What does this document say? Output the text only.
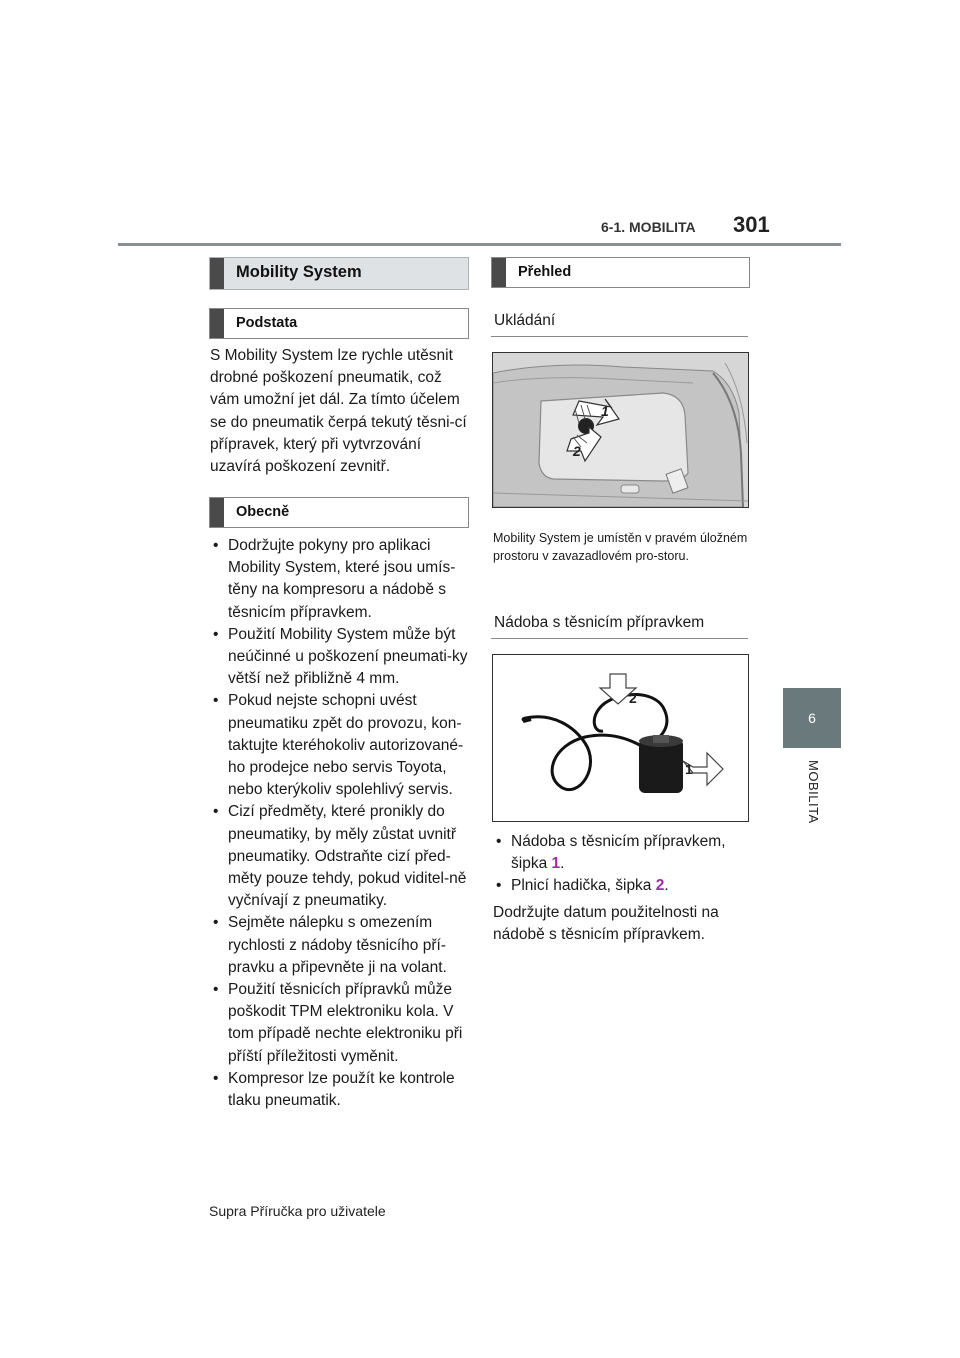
6-1. MOBILITA 301
6
MOBILITA
Mobility System
Podstata
S Mobility System lze rychle utěsnit drobné poškození pneumatik, což vám umožní jet dál. Za tímto účelem se do pneumatik čerpá tekutý těsni-cí přípravek, který při vytvrzování uzavírá poškození zevnitř.
Obecně
• Dodržujte pokyny pro aplikaci Mobility System, které jsou umís-těny na kompresoru a nádobě s těsnicím přípravkem.
• Použití Mobility System může být neúčinné u poškození pneumati-ky větší než přibližně 4 mm.
• Pokud nejste schopni uvést pneumatiku zpět do provozu, kon-taktujte kteréhokoliv autorizované-ho prodejce nebo servis Toyota, nebo kterýkoliv spolehlivý servis.
• Cizí předměty, které pronikly do pneumatiky, by měly zůstat uvnitř pneumatiky. Odstraňte cizí před-měty pouze tehdy, pokud viditel-ně vyčnívají z pneumatiky.
• Sejměte nálepku s omezením rychlosti z nádoby těsnicího pří-pravku a připevněte ji na volant.
• Použití těsnicích přípravků může poškodit TPM elektroniku kola. V tom případě nechte elektroniku při příští příležitosti vyměnit.
• Kompresor lze použít ke kontrole tlaku pneumatik.
Přehled
Ukládání
1
2
Mobility System je umístěn v pravém úložném prostoru v zavazadlovém pro-storu.
Nádoba s těsnicím přípravkem
2
1
• Nádoba s těsnicím přípravkem, šipka 1.
• Plnicí hadička, šipka 2.
Dodržujte datum použitelnosti na nádobě s těsnicím přípravkem.
Supra Příručka pro uživatele
